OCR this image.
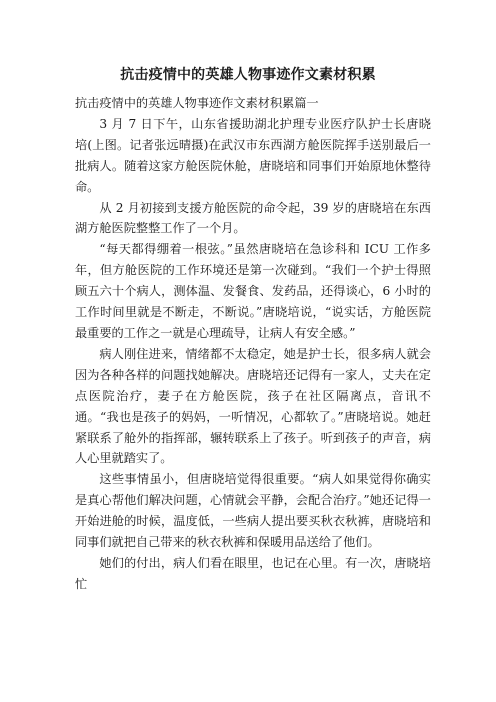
抗击疫情中的英雄人物事迹作文素材积累

抗击疫情中的英雄人物事迹作文素材积累篇一

3 月 7 日下午，山东省援助湖北护理专业医疗队护士长唐晓培(上图。记者张远晴摄)在武汉市东西湖方舱医院挥手送别最后一批病人。随着这家方舱医院休舱，唐晓培和同事们开始原地休整待命。

从 2 月初接到支援方舱医院的命令起，39 岁的唐晓培在东西湖方舱医院整整工作了一个月。

“每天都得绷着一根弦。”虽然唐晓培在急诊科和 ICU 工作多年，但方舱医院的工作环境还是第一次碰到。“我们一个护士得照顾五六十个病人，测体温、发餐食、发药品，还得谈心，6 小时的工作时间里就是不断走，不断说。”唐晓培说，“说实话，方舱医院最重要的工作之一就是心理疏导，让病人有安全感。”

病人刚住进来，情绪都不太稳定，她是护士长，很多病人就会因为各种各样的问题找她解决。唐晓培还记得有一家人，丈夫在定点医院治疗，妻子在方舱医院，孩子在社区隔离点，音讯不通。“我也是孩子的妈妈，一听情况，心都软了。”唐晓培说。她赶紧联系了舱外的指挥部，辗转联系上了孩子。听到孩子的声音，病人心里就踏实了。

这些事情虽小，但唐晓培觉得很重要。“病人如果觉得你确实是真心帮他们解决问题，心情就会平静，会配合治疗。”她还记得一开始进舱的时候，温度低，一些病人提出要买秋衣秋裤，唐晓培和同事们就把自己带来的秋衣秋裤和保暖用品送给了他们。

她们的付出，病人们看在眼里，也记在心里。有一次，唐晓培忙
